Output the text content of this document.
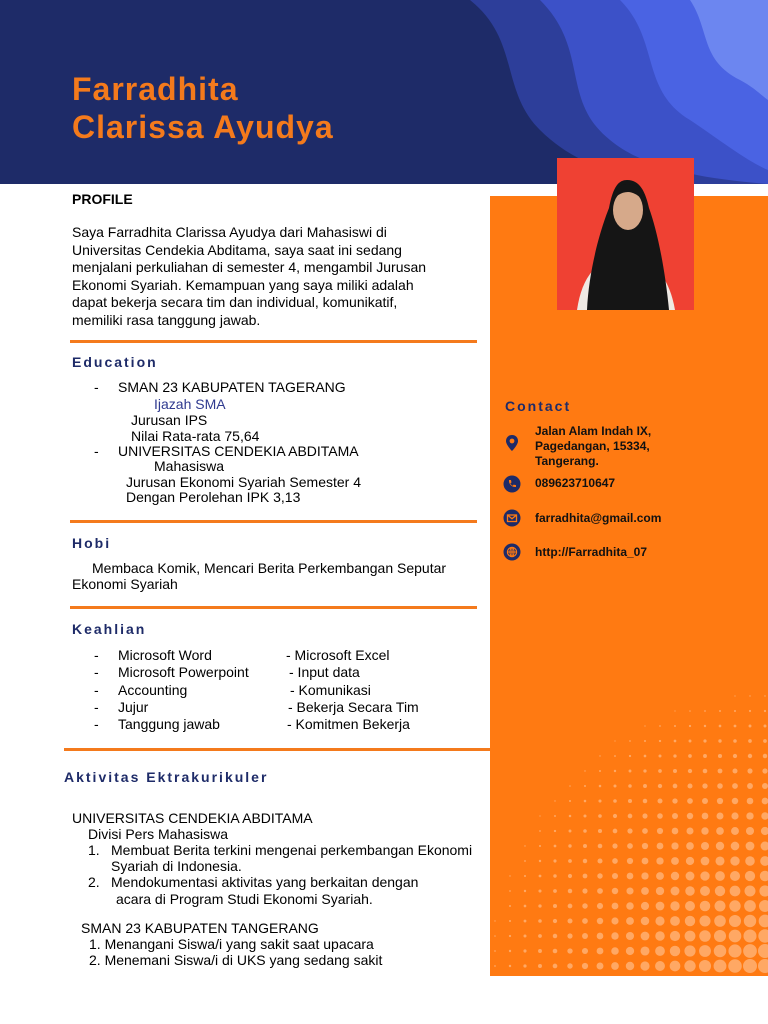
Farradhita
Clarissa Ayudya
PROFILE
Saya Farradhita Clarissa Ayudya dari Mahasiswi di
Universitas Cendekia Abditama, saya saat ini sedang
menjalani perkuliahan di semester 4, mengambil Jurusan
Ekonomi Syariah. Kemampuan yang saya miliki adalah
dapat bekerja secara tim dan individual, komunikatif,
memiliki rasa tanggung jawab.
Education
- SMAN 23 KABUPATEN TAGERANG
Ijazah SMA
Jurusan IPS
Nilai Rata-rata 75,64
- UNIVERSITAS CENDEKIA ABDITAMA
Mahasiswa
Jurusan Ekonomi Syariah Semester 4
Dengan Perolehan IPK 3,13
Hobi
Membaca Komik, Mencari Berita Perkembangan Seputar
Ekonomi Syariah
Keahlian
- Microsoft Word	- Microsoft Excel
- Microsoft Powerpoint	- Input data
- Accounting	- Komunikasi
- Jujur	- Bekerja Secara Tim
- Tanggung jawab	- Komitmen Bekerja
Aktivitas Ektrakurikuler
UNIVERSITAS CENDEKIA ABDITAMA
Divisi Pers Mahasiswa
1. Membuat Berita terkini mengenai perkembangan Ekonomi
Syariah di Indonesia.
2. Mendokumentasi aktivitas yang berkaitan dengan
acara di Program Studi Ekonomi Syariah.
SMAN 23 KABUPATEN TANGERANG
1. Menangani Siswa/i yang sakit saat upacara
2. Menemani Siswa/i di UKS yang sedang sakit
Contact
Jalan Alam Indah IX,
Pagedangan, 15334,
Tangerang.
089623710647
farradhita@gmail.com
http://Farradhita_07
